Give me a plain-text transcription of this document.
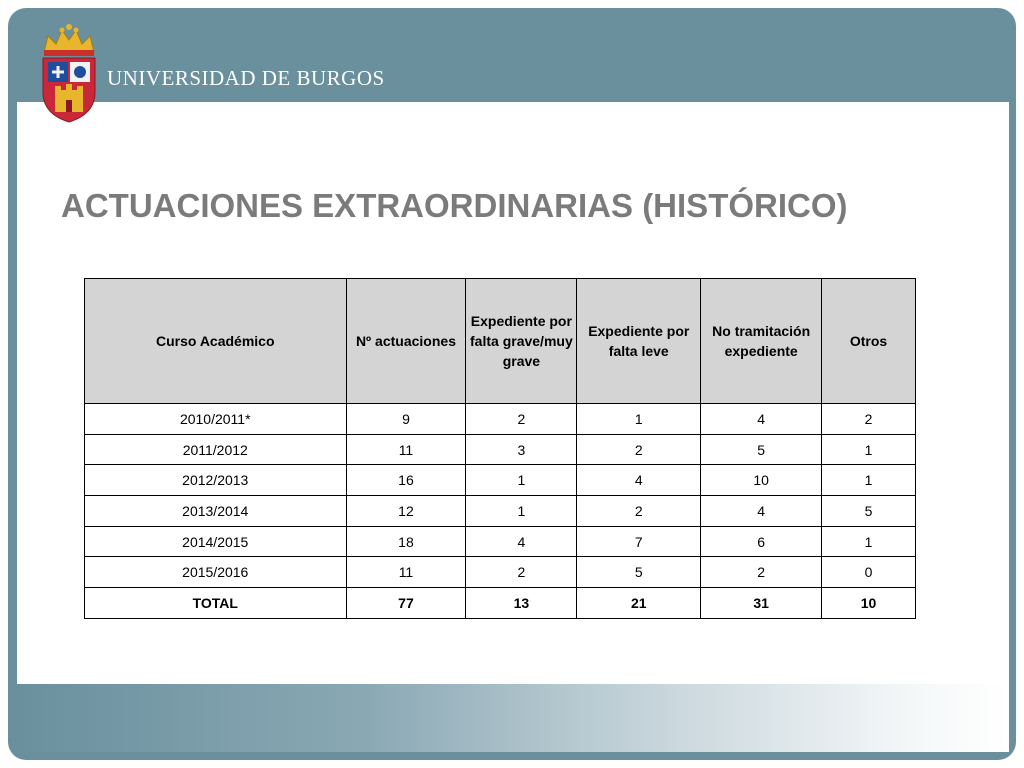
UNIVERSIDAD DE BURGOS
ACTUACIONES EXTRAORDINARIAS (HISTÓRICO)
Curso Académico	Nº actuaciones	Expediente por falta grave/muy grave	Expediente por falta leve	No tramitación expediente	Otros
2010/2011*	9	2	1	4	2
2011/2012	11	3	2	5	1
2012/2013	16	1	4	10	1
2013/2014	12	1	2	4	5
2014/2015	18	4	7	6	1
2015/2016	11	2	5	2	0
TOTAL	77	13	21	31	10
